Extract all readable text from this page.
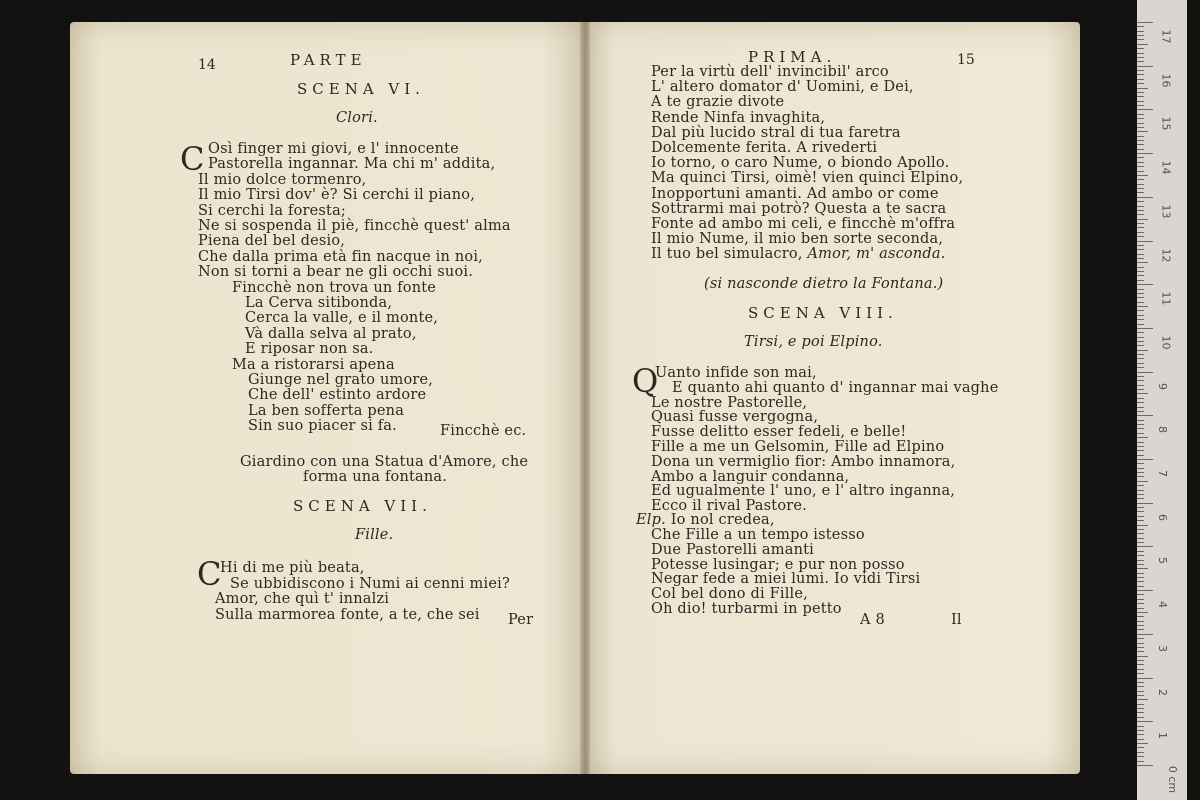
14	PARTE
SCENA VI.
Clori.
C Osì finger mi giovi, e l' innocente
Pastorella ingannar. Ma chi m' addita,
Il mio dolce tormenro,
Il mio Tirsi dov' è? Si cerchi il piano,
Si cerchi la foresta;
Ne si sospenda il piè, fincchè quest' alma
Piena del bel desio,
Che dalla prima età fin nacque in noi,
Non si torni a bear ne gli occhi suoi.
Fincchè non trova un fonte
La Cerva sitibonda,
Cerca la valle, e il monte,
Và dalla selva al prato,
E riposar non sa.
Ma a ristorarsi apena
Giunge nel grato umore,
Che dell' estinto ardore
La ben sofferta pena
Sin suo piacer si fa.	Fincchè ec.
Giardino con una Statua d'Amore, che
forma una fontana.
SCENA VII.
Fille.
C
Hi di me più beata,
Se ubbidiscono i Numi ai cenni miei?
Amor, che quì t' innalzi
Sulla marmorea fonte, a te, che sei Per
PRIMA.	15
Per la virtù dell' invincibil' arco
L' altero domator d' Uomini, e Dei,
A te grazie divote
Rende Ninfa invaghita,
Dal più lucido stral di tua faretra
Dolcemente ferita. A rivederti
Io torno, o caro Nume, o biondo Apollo.
Ma quinci Tirsi, oimè! vien quinci Elpino,
Inopportuni amanti. Ad ambo or come
Sottrarmi mai potrò? Questa a te sacra
Fonte ad ambo mi celi, e fincchè m'offra
Il mio Nume, il mio ben sorte seconda,
Il tuo bel simulacro, Amor, m' asconda.
(si nasconde dietro la Fontana.)
SCENA VIII.
Tirsi, e poi Elpino.
Q
Uanto infide son mai,
E quanto ahi quanto d' ingannar mai vaghe
Le nostre Pastorelle,
Quasi fusse vergogna,
Fusse delitto esser fedeli, e belle!
Fille a me un Gelsomin, Fille ad Elpino
Dona un vermiglio fior: Ambo innamora,
Ambo a languir condanna,
Ed ugualmente l' uno, e l' altro inganna,
Ecco il rival Pastore.
Elp. Io nol credea,
Che Fille a un tempo istesso
Due Pastorelli amanti
Potesse lusingar; e pur non posso
Negar fede a miei lumi. Io vidi Tirsi
Col bel dono di Fille,
Oh dio! turbarmi in petto
A 8	Il
17
16
15
14
13
12
11
10
9
8
7
6
5
4
3
2
1
0 cm
